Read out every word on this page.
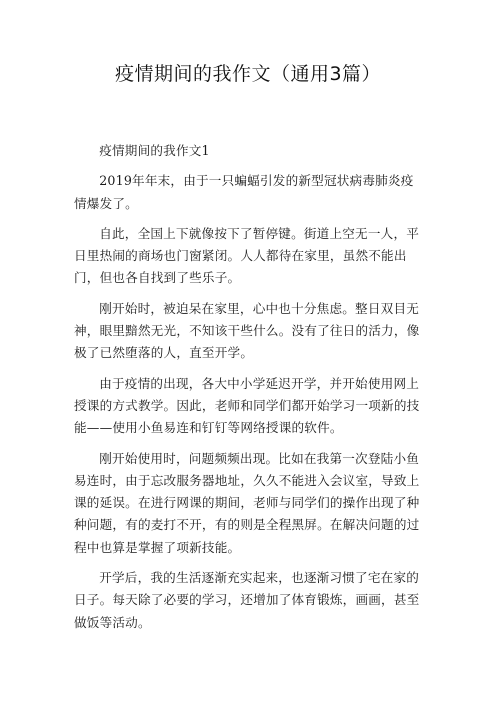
疫情期间的我作文（通用3篇）

疫情期间的我作文1

2019年年末，由于一只蝙蝠引发的新型冠状病毒肺炎疫情爆发了。

自此，全国上下就像按下了暂停键。街道上空无一人，平日里热闹的商场也门窗紧闭。人人都待在家里，虽然不能出门，但也各自找到了些乐子。

刚开始时，被迫呆在家里，心中也十分焦虑。整日双目无神，眼里黯然无光，不知该干些什么。没有了往日的活力，像极了已然堕落的人，直至开学。

由于疫情的出现，各大中小学延迟开学，并开始使用网上授课的方式教学。因此，老师和同学们都开始学习一项新的技能——使用小鱼易连和钉钉等网络授课的软件。

刚开始使用时，问题频频出现。比如在我第一次登陆小鱼易连时，由于忘改服务器地址，久久不能进入会议室，导致上课的延误。在进行网课的期间，老师与同学们的操作出现了种种问题，有的麦打不开，有的则是全程黑屏。在解决问题的过程中也算是掌握了项新技能。

开学后，我的生活逐渐充实起来，也逐渐习惯了宅在家的日子。每天除了必要的学习，还增加了体育锻炼，画画，甚至做饭等活动。
